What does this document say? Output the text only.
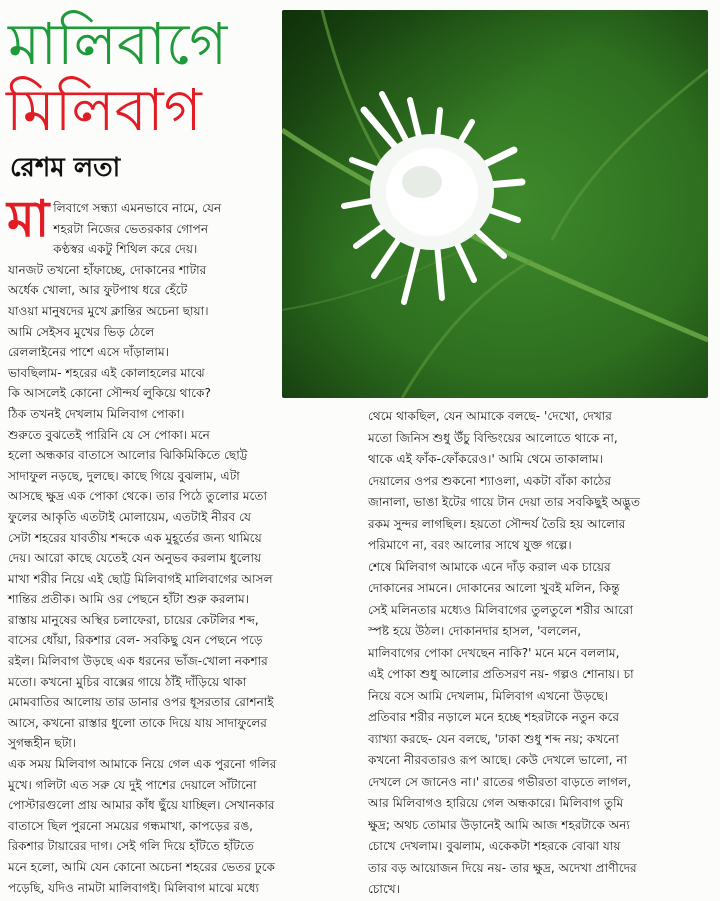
মালিবাগে
মিলিবাগ
রেশম লতা
মা লিবাগে সন্ধ্যা এমনভাবে নামে, যেন

শহরটা নিজের ভেতরকার গোপন

কণ্ঠস্বর একটু শিথিল করে দেয়।

যানজট তখনো হাঁফাচ্ছে, দোকানের শাটার

অর্ধেক খোলা, আর ফুটপাথ ধরে হেঁটে

যাওয়া মানুষদের মুখে ক্লান্তির অচেনা ছায়া।

আমি সেইসব মুখের ভিড় ঠেলে

রেললাইনের পাশে এসে দাঁড়ালাম।

ভাবছিলাম- শহরের এই কোলাহলের মাঝে

কি আসলেই কোনো সৌন্দর্য লুকিয়ে থাকে?

ঠিক তখনই দেখলাম মিলিবাগ পোকা।

শুরুতে বুঝতেই পারিনি যে সে পোকা। মনে

হলো অন্ধকার বাতাসে আলোর ঝিকিমিকিতে ছোট্ট

সাদাফুল নড়ছে, দুলছে। কাছে গিয়ে বুঝলাম, এটা

আসছে ক্ষুদ্র এক পোকা থেকে। তার পিঠে তুলোর মতো

ফুলের আকৃতি এতটাই মোলায়েম, এতটাই নীরব যে

সেটা শহরের যাবতীয় শব্দকে এক মুহূর্তের জন্য থামিয়ে

দেয়। আরো কাছে যেতেই যেন অনুভব করলাম ধুলোয়

মাখা শরীর নিয়ে এই ছোট্ট মিলিবাগই মালিবাগের আসল

শান্তির প্রতীক। আমি ওর পেছনে হাঁটা শুরু করলাম।

রাস্তায় মানুষের অস্থির চলাফেরা, চায়ের কেটলির শব্দ,

বাসের ধোঁয়া, রিকশার বেল- সবকিছু যেন পেছনে পড়ে

রইল। মিলিবাগ উড়ছে এক ধরনের ভাঁজ-খোলা নকশার

মতো। কখনো মুচির বাক্সের গায়ে ঠাঁই দাঁড়িয়ে থাকা

মোমবাতির আলোয় তার ডানার ওপর ধূসরতার রোশনাই

আসে, কখনো রাস্তার ধুলো তাকে দিয়ে যায় সাদাফুলের

সুগন্ধহীন ছটা।

এক সময় মিলিবাগ আমাকে নিয়ে গেল এক পুরনো গলির

মুখে। গলিটা এত সরু যে দুই পাশের দেয়ালে সাঁটানো

পোস্টারগুলো প্রায় আমার কাঁধ ছুঁয়ে যাচ্ছিল। সেখানকার

বাতাসে ছিল পুরনো সময়ের গন্ধমাখা, কাপড়ের রঙ,

রিকশার টায়ারের দাগ। সেই গলি দিয়ে হাঁটতে হাঁটতে

মনে হলো, আমি যেন কোনো অচেনা শহরের ভেতর ঢুকে

পড়েছি, যদিও নামটা মালিবাগই। মিলিবাগ মাঝে মধ্যে

থেমে থাকছিল, যেন আমাকে বলছে- 'দেখো, দেখার

মতো জিনিস শুধু উঁচু বিল্ডিংয়ের আলোতে থাকে না,

থাকে এই ফাঁক-ফোঁকরেও।' আমি থেমে তাকালাম।

দেয়ালের ওপর শুকনো শ্যাওলা, একটা বাঁকা কাঠের

জানালা, ভাঙা ইটের গায়ে টান দেয়া তার সবকিছুই অদ্ভুত

রকম সুন্দর লাগছিল। হয়তো সৌন্দর্য তৈরি হয় আলোর

পরিমাণে না, বরং আলোর সাথে যুক্ত গল্পে।

শেষে মিলিবাগ আমাকে এনে দাঁড় করাল এক চায়ের

দোকানের সামনে। দোকানের আলো খুবই মলিন, কিন্তু

সেই মলিনতার মধ্যেও মিলিবাগের তুলতুলে শরীর আরো

স্পষ্ট হয়ে উঠল। দোকানদার হাসল, 'বললেন,

মালিবাগের পোকা দেখছেন নাকি?' মনে মনে বললাম,

এই পোকা শুধু আলোর প্রতিসরণ নয়- গল্পও শোনায়। চা

নিয়ে বসে আমি দেখলাম, মিলিবাগ এখনো উড়ছে।

প্রতিবার শরীর নড়ালে মনে হচ্ছে শহরটাকে নতুন করে

ব্যাখ্যা করছে- যেন বলছে, 'ঢাকা শুধু শব্দ নয়; কখনো

কখনো নীরবতারও রূপ আছে। কেউ দেখলে ভালো, না

দেখলে সে জানেও না।' রাতের গভীরতা বাড়তে লাগল,

আর মিলিবাগও হারিয়ে গেল অন্ধকারে। মিলিবাগ তুমি

ক্ষুদ্র; অথচ তোমার উড়ানেই আমি আজ শহরটাকে অন্য

চোখে দেখলাম। বুঝলাম, একেকটা শহরকে বোঝা যায়

তার বড় আয়োজন দিয়ে নয়- তার ক্ষুদ্র, অদেখা প্রাণীদের

চোখে।
